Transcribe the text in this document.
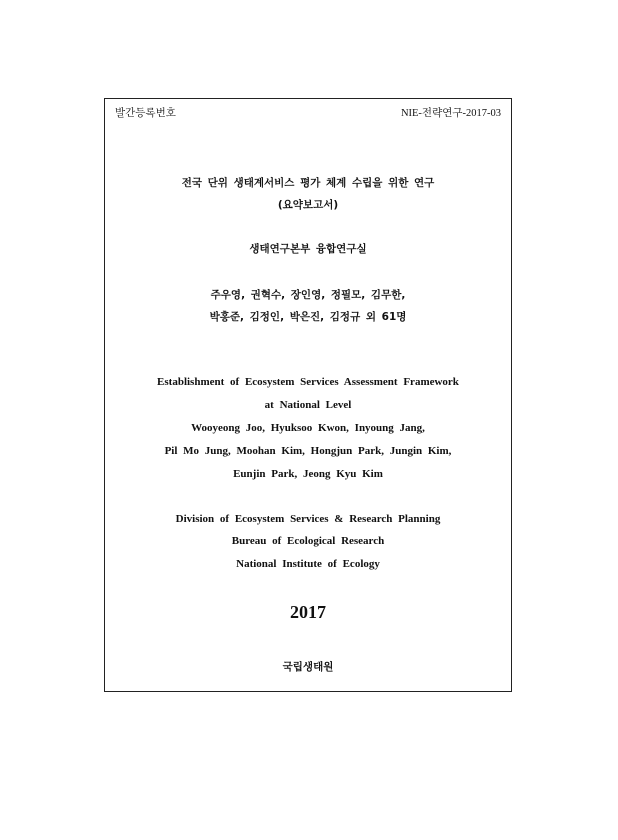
발간등록번호	NIE-전략연구-2017-03
전국 단위 생태계서비스 평가 체계 수립을 위한 연구
(요약보고서)
생태연구본부 융합연구실
주우영, 권혁수, 장인영, 정필모, 김무한,
박홍준, 김정인, 박은진, 김정규 외 61명
Establishment of Ecosystem Services Assessment Framework
at National Level
Wooyeong Joo, Hyuksoo Kwon, Inyoung Jang,
Pil Mo Jung, Moohan Kim, Hongjun Park, Jungin Kim,
Eunjin Park, Jeong Kyu Kim
Division of Ecosystem Services & Research Planning
Bureau of Ecological Research
National Institute of Ecology
2017
국립생태원
